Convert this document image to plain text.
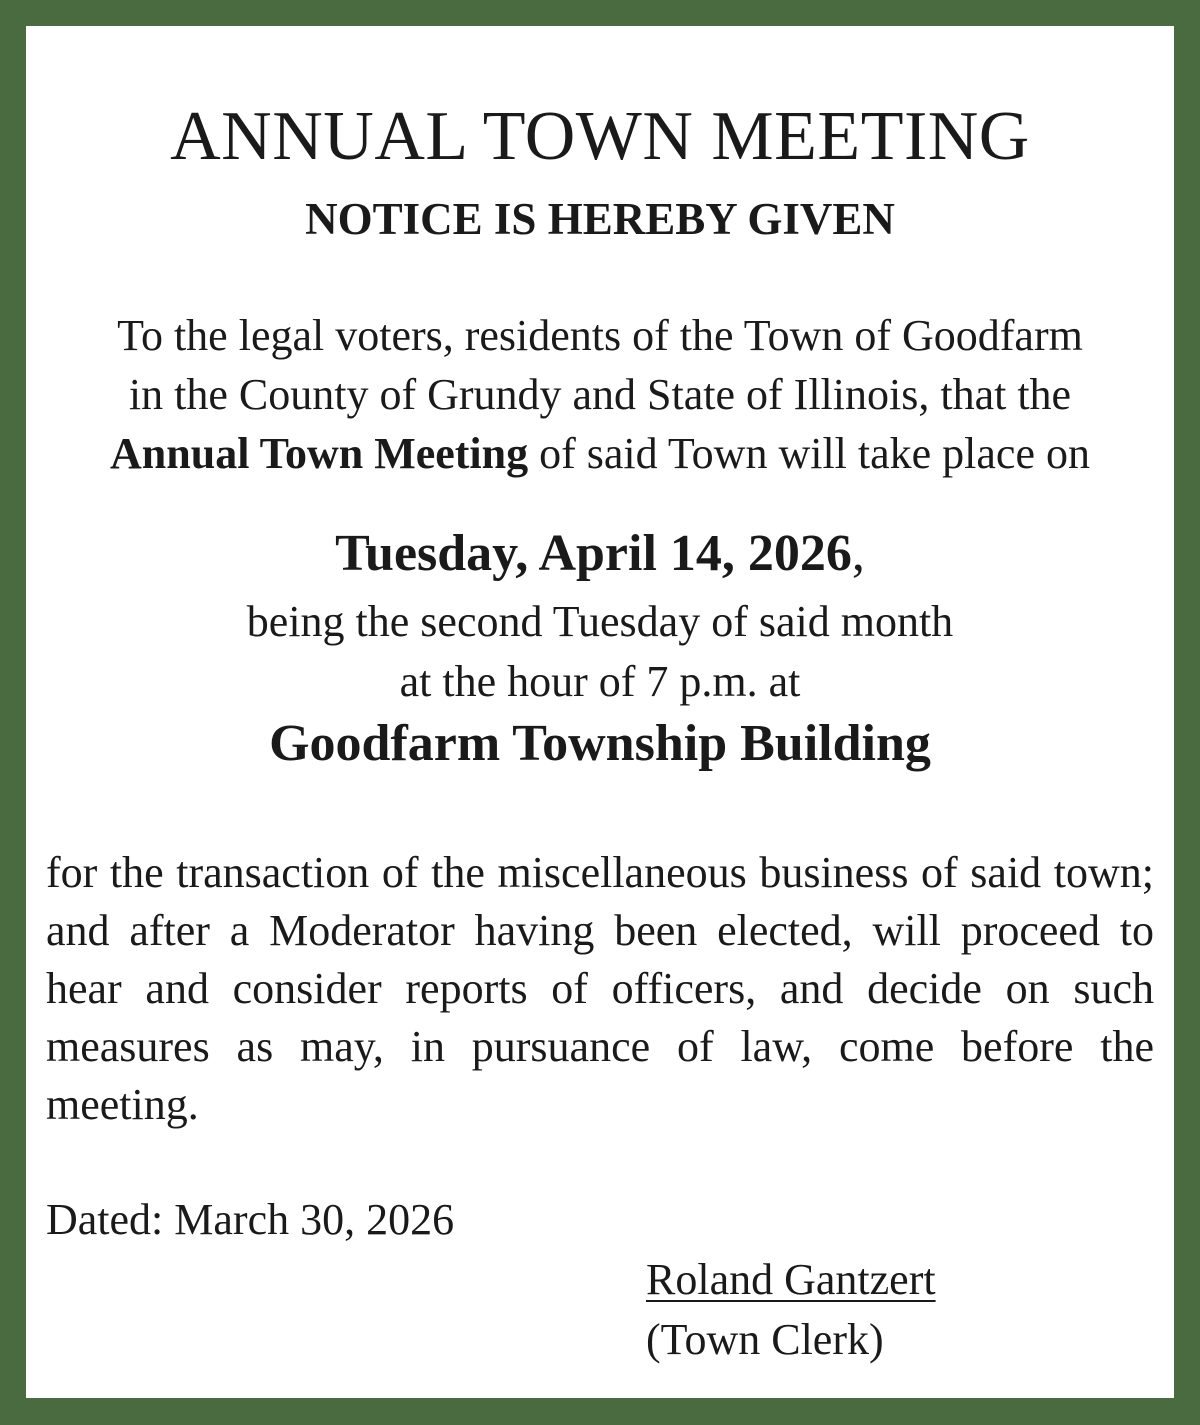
ANNUAL TOWN MEETING
NOTICE IS HEREBY GIVEN
To the legal voters, residents of the Town of Goodfarm
in the County of Grundy and State of Illinois, that the
Annual Town Meeting of said Town will take place on
Tuesday, April 14, 2026,
being the second Tuesday of said month
at the hour of 7 p.m. at
Goodfarm Township Building
for the transaction of the miscellaneous business of said town; and after a Moderator having been elected, will proceed to hear and consider reports of officers, and decide on such measures as may, in pursuance of law, come before the meeting.
Dated: March 30, 2026
Roland Gantzert
(Town Clerk)
